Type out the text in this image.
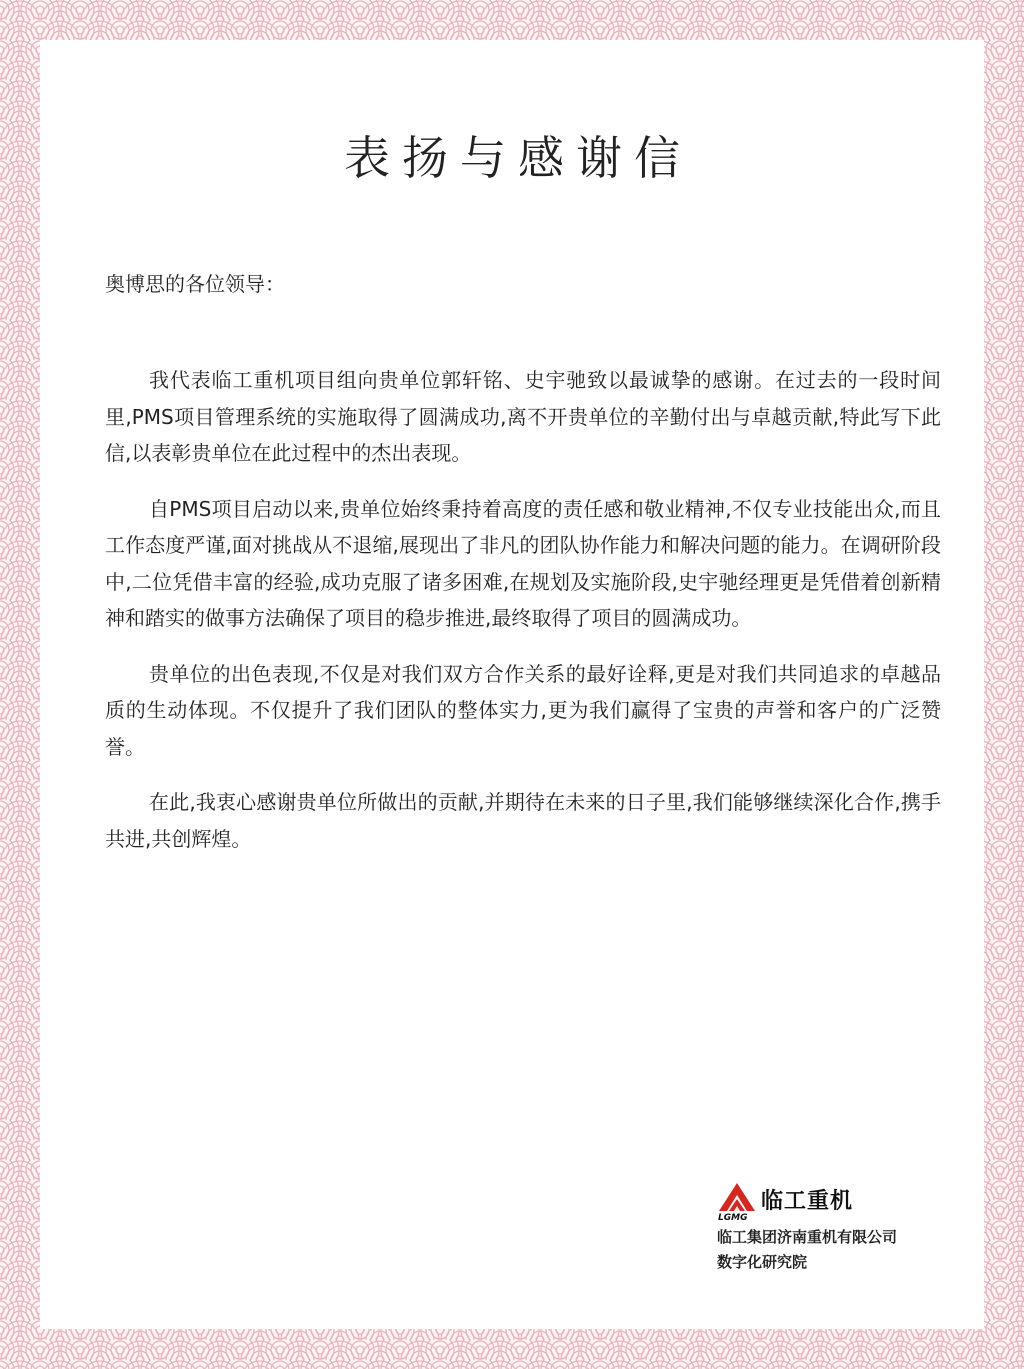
表扬与感谢信
奥博思的各位领导：

我代表临工重机项目组向贵单位郭轩铭、史宇驰致以最诚挚的感谢。在过去的一段时间里,PMS项目管理系统的实施取得了圆满成功,离不开贵单位的辛勤付出与卓越贡献,特此写下此信,以表彰贵单位在此过程中的杰出表现。

自PMS项目启动以来,贵单位始终秉持着高度的责任感和敬业精神,不仅专业技能出众,而且工作态度严谨,面对挑战从不退缩,展现出了非凡的团队协作能力和解决问题的能力。在调研阶段中,二位凭借丰富的经验,成功克服了诸多困难,在规划及实施阶段,史宇驰经理更是凭借着创新精神和踏实的做事方法确保了项目的稳步推进,最终取得了项目的圆满成功。

贵单位的出色表现,不仅是对我们双方合作关系的最好诠释,更是对我们共同追求的卓越品质的生动体现。不仅提升了我们团队的整体实力,更为我们赢得了宝贵的声誉和客户的广泛赞誉。

在此,我衷心感谢贵单位所做出的贡献,并期待在未来的日子里,我们能够继续深化合作,携手共进,共创辉煌。

LGMG
临工重机
临工集团济南重机有限公司
数字化研究院
